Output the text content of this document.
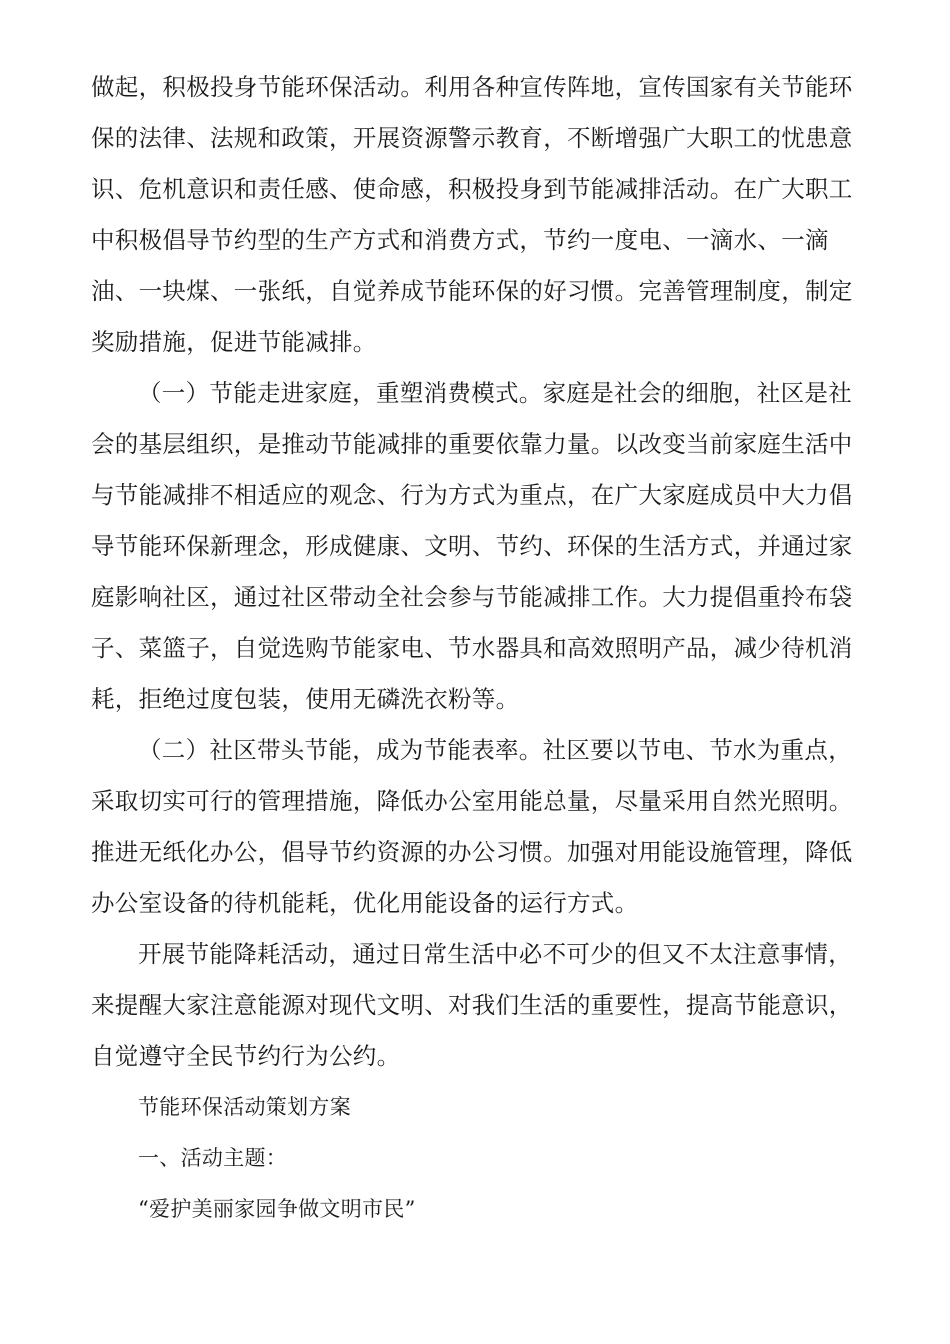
做起，积极投身节能环保活动。利用各种宣传阵地，宣传国家有关节能环
保的法律、法规和政策，开展资源警示教育，不断增强广大职工的忧患意
识、危机意识和责任感、使命感，积极投身到节能减排活动。在广大职工
中积极倡导节约型的生产方式和消费方式，节约一度电、一滴水、一滴
油、一块煤、一张纸，自觉养成节能环保的好习惯。完善管理制度，制定
奖励措施，促进节能减排。
（一）节能走进家庭，重塑消费模式。家庭是社会的细胞，社区是社
会的基层组织，是推动节能减排的重要依靠力量。以改变当前家庭生活中
与节能减排不相适应的观念、行为方式为重点，在广大家庭成员中大力倡
导节能环保新理念，形成健康、文明、节约、环保的生活方式，并通过家
庭影响社区，通过社区带动全社会参与节能减排工作。大力提倡重拎布袋
子、菜篮子，自觉选购节能家电、节水器具和高效照明产品，减少待机消
耗，拒绝过度包装，使用无磷洗衣粉等。
（二）社区带头节能，成为节能表率。社区要以节电、节水为重点，
采取切实可行的管理措施，降低办公室用能总量，尽量采用自然光照明。
推进无纸化办公，倡导节约资源的办公习惯。加强对用能设施管理，降低
办公室设备的待机能耗，优化用能设备的运行方式。
开展节能降耗活动，通过日常生活中必不可少的但又不太注意事情，
来提醒大家注意能源对现代文明、对我们生活的重要性，提高节能意识，
自觉遵守全民节约行为公约。
节能环保活动策划方案
一、活动主题：
“爱护美丽家园争做文明市民”
